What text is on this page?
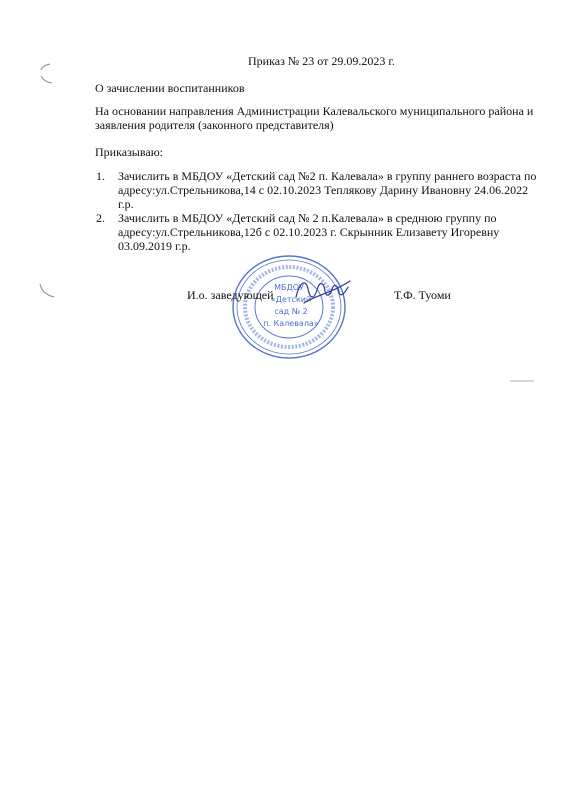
Приказ № 23 от 29.09.2023 г.
О зачислении воспитанников
На основании направления Администрации Калевальского муниципального района и
заявления родителя (законного представителя)
Приказываю:
1. Зачислить в МБДОУ «Детский сад №2 п. Калевала» в группу раннего возраста по
адресу:ул.Стрельникова,14 с 02.10.2023 Теплякову Дарину Ивановну 24.06.2022
г.р.
2. Зачислить в МБДОУ «Детский сад № 2 п.Калевала» в среднюю группу по
адресу:ул.Стрельникова,12б с 02.10.2023 г. Скрынник Елизавету Игоревну
03.09.2019 г.р.
МБДОУ
«Детский
сад № 2
п. Калевала»
И.о. заведующей	Т.Ф. Туоми
